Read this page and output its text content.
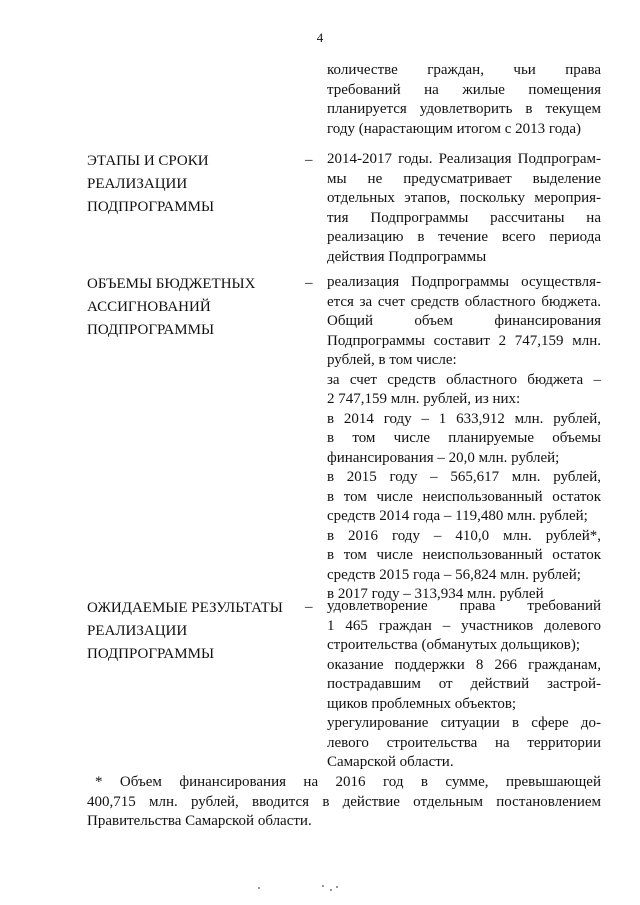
4
количестве граждан, чьи права
требований на жилые помещения
планируется удовлетворить в текущем
году (нарастающим итогом с 2013 года)
ЭТАПЫ И СРОКИ
РЕАЛИЗАЦИИ
ПОДПРОГРАММЫ
– 2014-2017 годы. Реализация Подпрограм-
мы не предусматривает выделение
отдельных этапов, поскольку мероприя-
тия Подпрограммы рассчитаны на
реализацию в течение всего периода
действия Подпрограммы
ОБЪЕМЫ БЮДЖЕТНЫХ
АССИГНОВАНИЙ
ПОДПРОГРАММЫ
– реализация Подпрограммы осуществля-
ется за счет средств областного бюджета.
Общий объем финансирования
Подпрограммы составит 2 747,159 млн.
рублей, в том числе:
за счет средств областного бюджета –
2 747,159 млн. рублей, из них:
в 2014 году – 1 633,912 млн. рублей,
в том числе планируемые объемы
финансирования – 20,0 млн. рублей;
в 2015 году – 565,617 млн. рублей,
в том числе неиспользованный остаток
средств 2014 года – 119,480 млн. рублей;
в 2016 году – 410,0 млн. рублей*,
в том числе неиспользованный остаток
средств 2015 года – 56,824 млн. рублей;
в 2017 году – 313,934 млн. рублей
ОЖИДАЕМЫЕ РЕЗУЛЬТАТЫ
РЕАЛИЗАЦИИ
ПОДПРОГРАММЫ
– удовлетворение права требований
1 465 граждан – участников долевого
строительства (обманутых дольщиков);
оказание поддержки 8 266 гражданам,
пострадавшим от действий застрой-
щиков проблемных объектов;
урегулирование ситуации в сфере до-
левого строительства на территории
Самарской области.
* Объем финансирования на 2016 год в сумме, превышающей
400,715 млн. рублей, вводится в действие отдельным постановлением
Правительства Самарской области.
